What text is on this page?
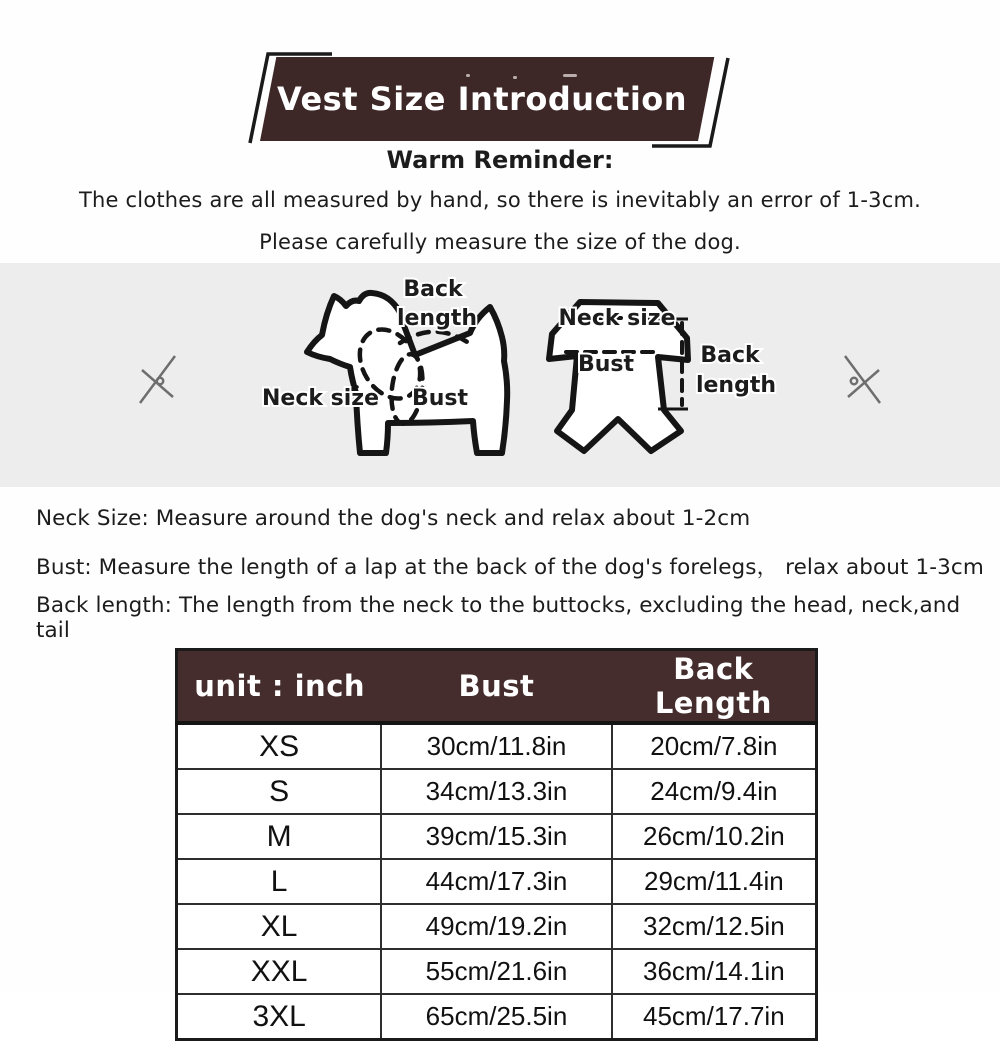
Vest Size Introduction
Warm Reminder:
The clothes are all measured by hand, so there is inevitably an error of 1-3cm.
Please carefully measure the size of the dog.
Back
length
Neck size Bust
Neck size
Bust	Back
length
Neck Size: Measure around the dog's neck and relax about 1-2cm
Bust: Measure the length of a lap at the back of the dog's forelegs， relax about 1-3cm
Back length: The length from the neck to the buttocks, excluding the head, neck,and tail
unit : inch	Bust	Back Length
XS	30cm/11.8in	20cm/7.8in
S	34cm/13.3in	24cm/9.4in
M	39cm/15.3in	26cm/10.2in
L	44cm/17.3in	29cm/11.4in
XL	49cm/19.2in	32cm/12.5in
XXL	55cm/21.6in	36cm/14.1in
3XL	65cm/25.5in	45cm/17.7in
